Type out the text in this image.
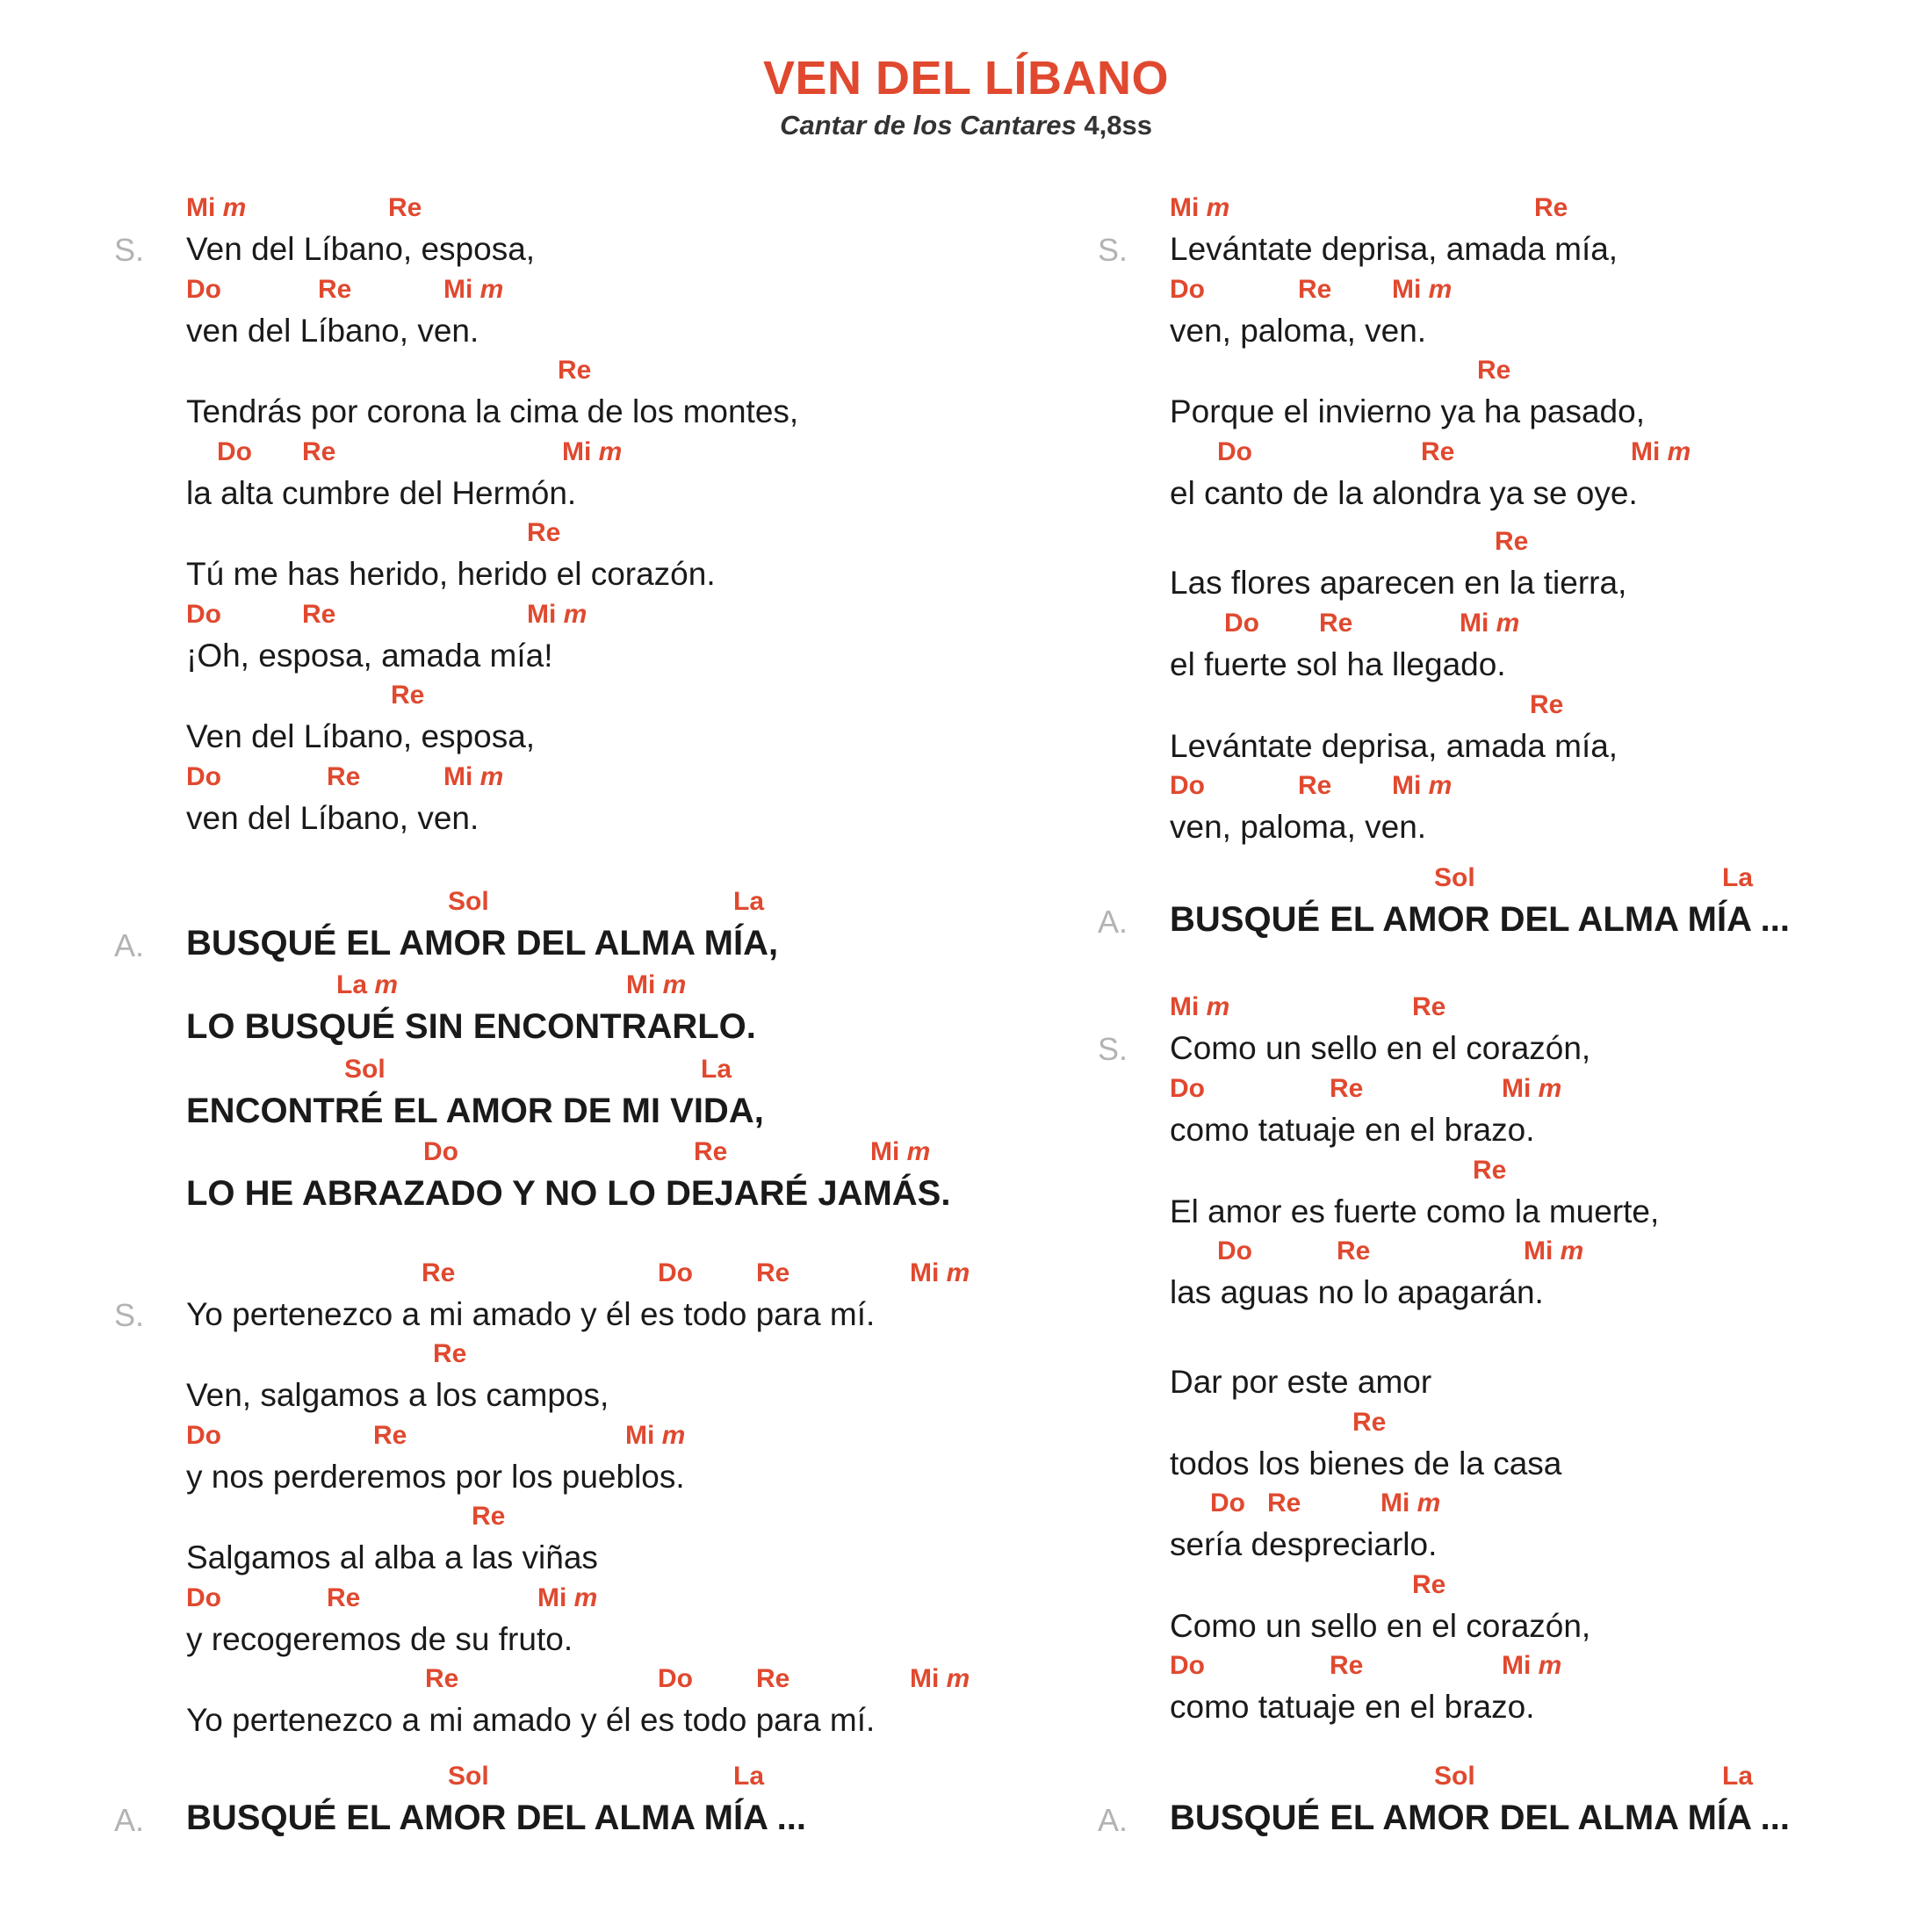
VEN DEL LÍBANO
Cantar de los Cantares 4,8ss
S. Ven del Líbano, esposa,
Mi m	Re
ven del Líbano, ven.
Do	Re	Mi m
Tendrás por corona la cima de los montes,
Re
la alta cumbre del Hermón.
Do Re	Mi m
Tú me has herido, herido el corazón.
Re
¡Oh, esposa, amada mía!
Do	Re	Mi m
Ven del Líbano, esposa,
Re
ven del Líbano, ven.
Do	Re	Mi m
A. BUSQUÉ EL AMOR DEL ALMA MÍA,
Sol	La
LO BUSQUÉ SIN ENCONTRARLO.
La m	Mi m
ENCONTRÉ EL AMOR DE MI VIDA,
Sol	La
LO HE ABRAZADO Y NO LO DEJARÉ JAMÁS.
Do	Re	Mi m
S. Yo pertenezco a mi amado y él es todo para mí.
Re	Do Re	Mi m
Ven, salgamos a los campos,
Re
y nos perderemos por los pueblos.
Do	Re	Mi m
Salgamos al alba a las viñas
Re
y recogeremos de su fruto.
Do	Re	Mi m
Yo pertenezco a mi amado y él es todo para mí.
Re	Do Re	Mi m
A. BUSQUÉ EL AMOR DEL ALMA MÍA ...
Sol	La
S. Levántate deprisa, amada mía,
Mi m	Re
ven, paloma, ven.
Do	Re Mi m
Porque el invierno ya ha pasado,
Re
el canto de la alondra ya se oye.
Do	Re	Mi m
Las flores aparecen en la tierra,
Re
el fuerte sol ha llegado.
Do Re	Mi m
Levántate deprisa, amada mía,
Re
ven, paloma, ven.
Do	Re Mi m
A. BUSQUÉ EL AMOR DEL ALMA MÍA ...
Sol	La
S. Como un sello en el corazón,
Mi m	Re
como tatuaje en el brazo.
Do	Re	Mi m
El amor es fuerte como la muerte,
Re
las aguas no lo apagarán.
Do	Re	Mi m
Dar por este amor
todos los bienes de la casa
Re
sería despreciarlo.
Do Re	Mi m
Como un sello en el corazón,
Re
como tatuaje en el brazo.
Do	Re	Mi m
A. BUSQUÉ EL AMOR DEL ALMA MÍA ...
Sol	La
